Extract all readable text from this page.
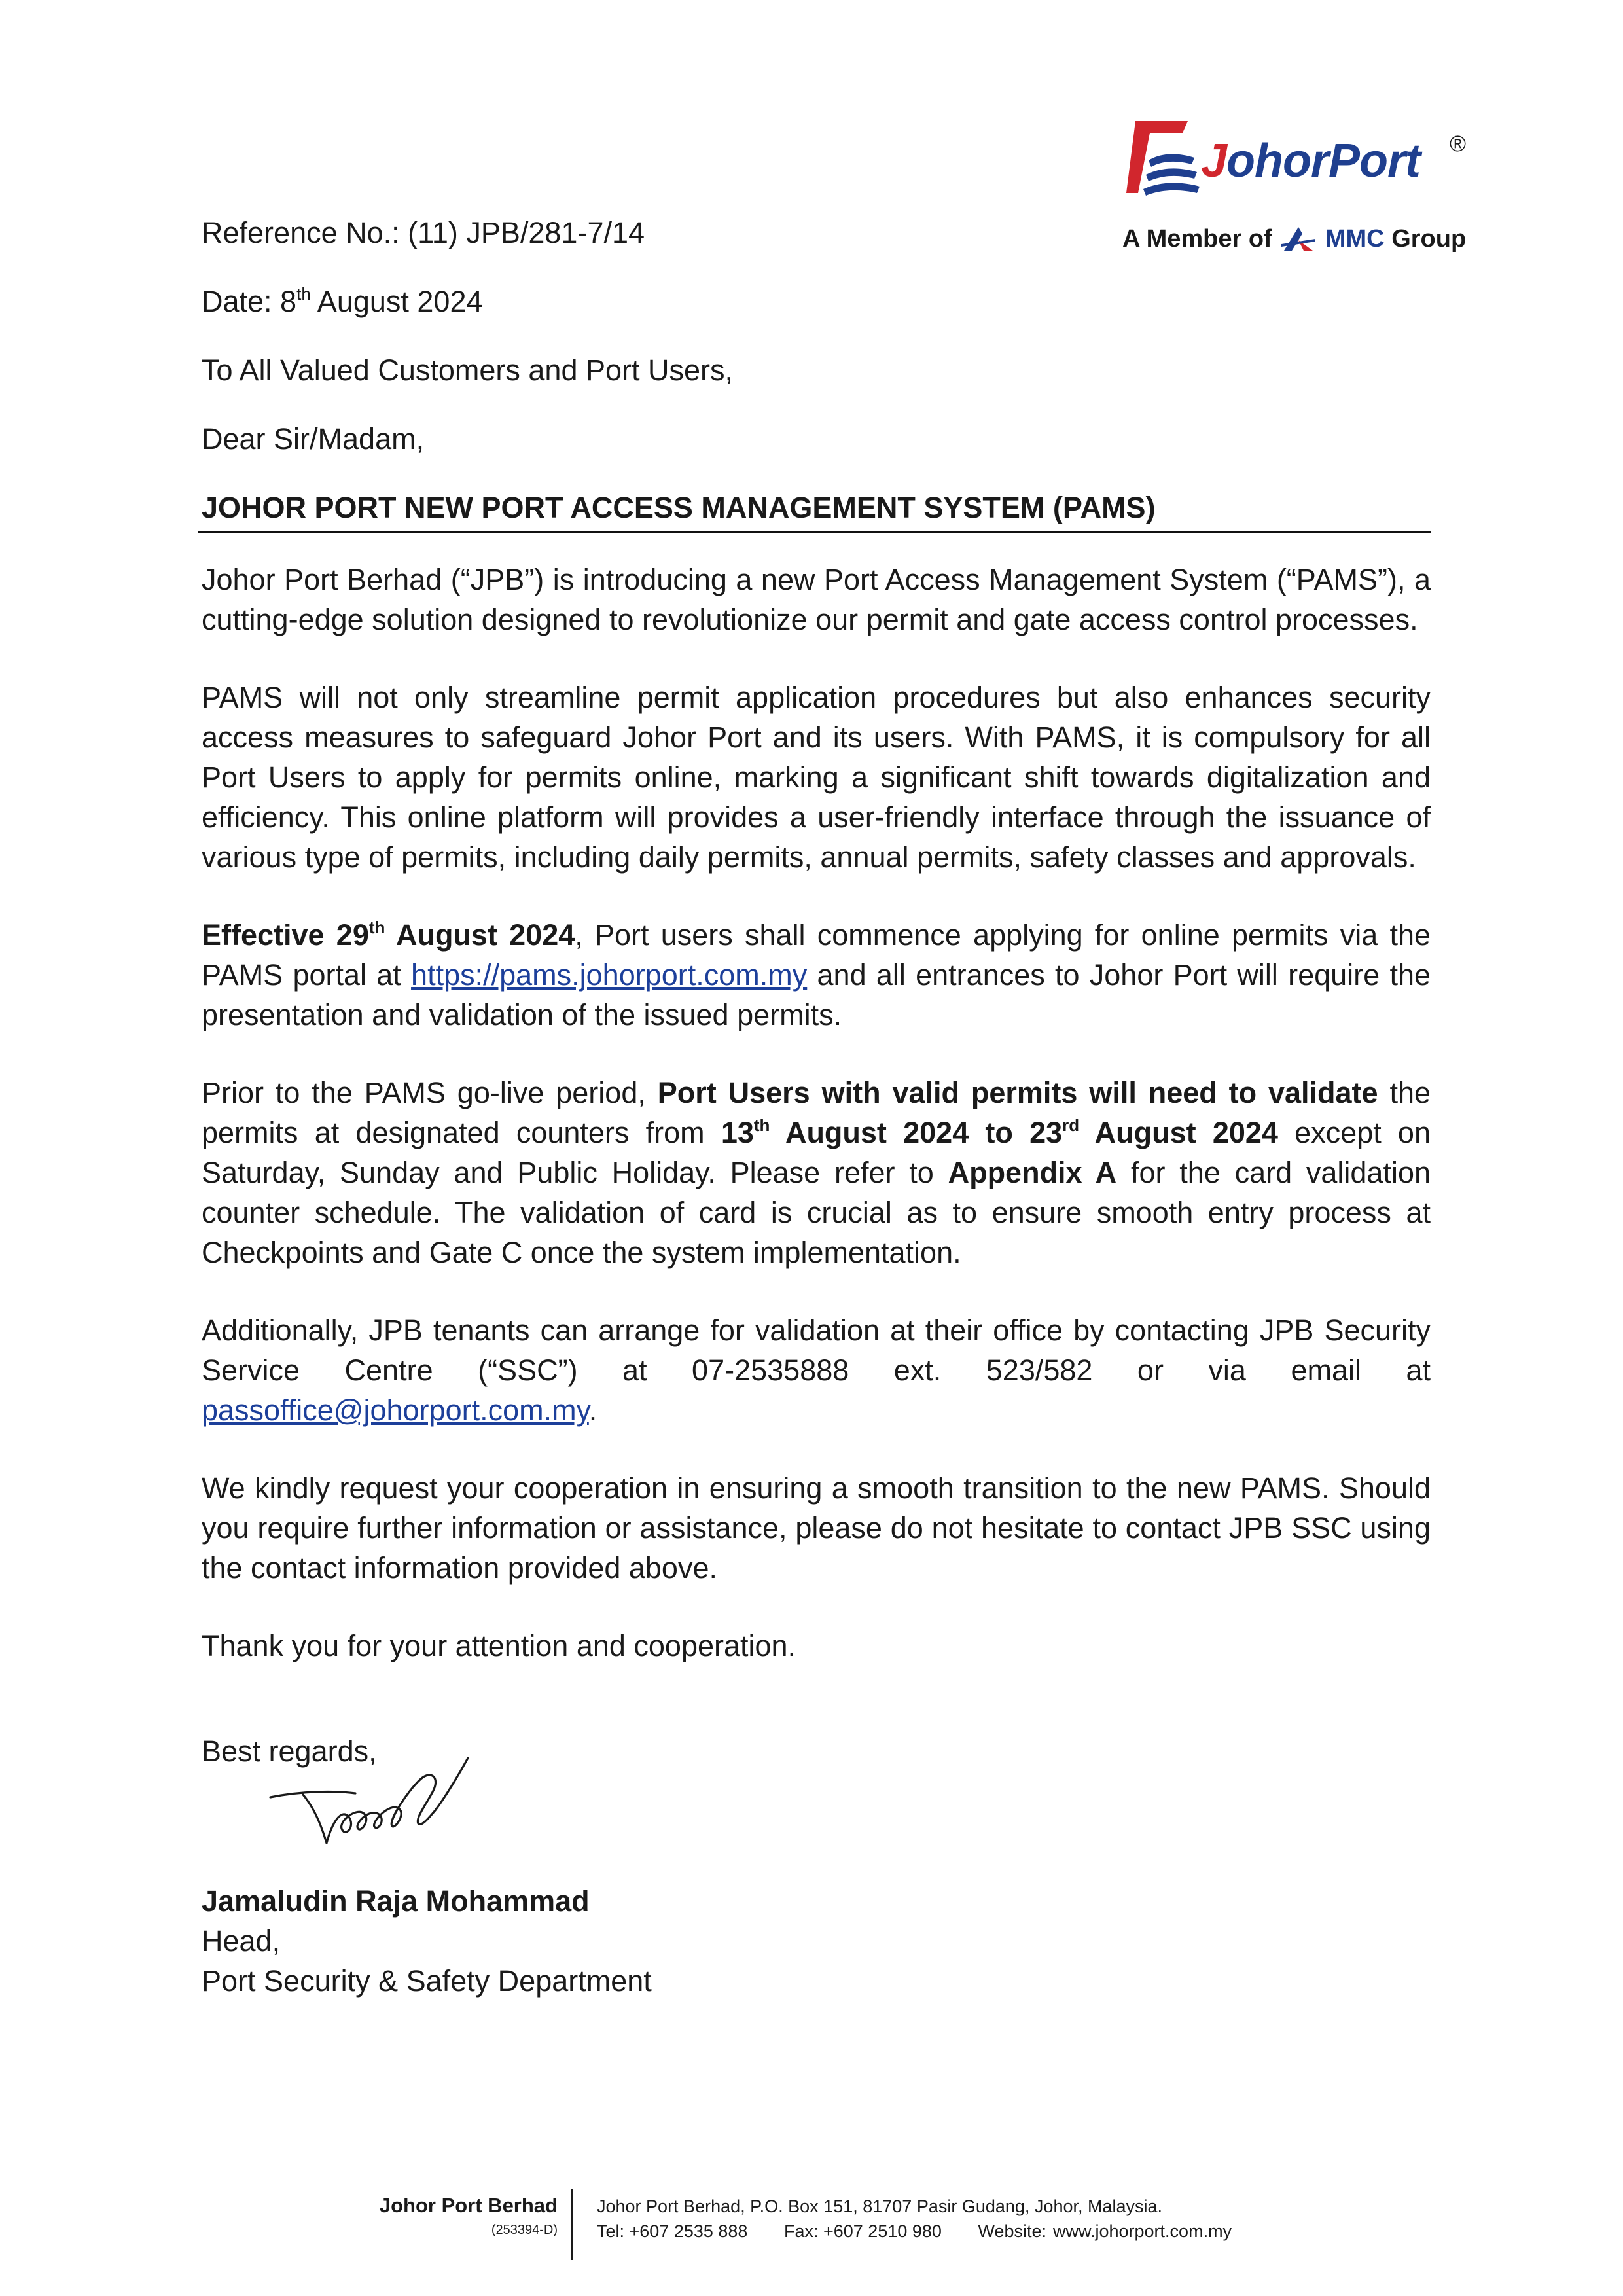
JohorPort ®
A Member of MMC Group
Reference No.: (11) JPB/281-7/14
Date: 8th August 2024
To All Valued Customers and Port Users,
Dear Sir/Madam,
JOHOR PORT NEW PORT ACCESS MANAGEMENT SYSTEM (PAMS)

Johor Port Berhad (“JPB”) is introducing a new Port Access Management System (“PAMS”), a cutting-edge solution designed to revolutionize our permit and gate access control processes.

PAMS will not only streamline permit application procedures but also enhances security access measures to safeguard Johor Port and its users. With PAMS, it is compulsory for all Port Users to apply for permits online, marking a significant shift towards digitalization and efficiency. This online platform will provides a user-friendly interface through the issuance of various type of permits, including daily permits, annual permits, safety classes and approvals.

Effective 29th August 2024, Port users shall commence applying for online permits via the PAMS portal at https://pams.johorport.com.my and all entrances to Johor Port will require the presentation and validation of the issued permits.

Prior to the PAMS go-live period, Port Users with valid permits will need to validate the permits at designated counters from 13th August 2024 to 23rd August 2024 except on Saturday, Sunday and Public Holiday. Please refer to Appendix A for the card validation counter schedule. The validation of card is crucial as to ensure smooth entry process at Checkpoints and Gate C once the system implementation.

Additionally, JPB tenants can arrange for validation at their office by contacting JPB Security Service Centre (“SSC”) at 07-2535888 ext. 523/582 or via email at passoffice@johorport.com.my.

We kindly request your cooperation in ensuring a smooth transition to the new PAMS. Should you require further information or assistance, please do not hesitate to contact JPB SSC using the contact information provided above.

Thank you for your attention and cooperation.

Best regards,
Jamaludin Raja Mohammad
Head,
Port Security & Safety Department
Johor Port Berhad
(253394-D)
Johor Port Berhad, P.O. Box 151, 81707 Pasir Gudang, Johor, Malaysia.
Tel: +607 2535 888 Fax: +607 2510 980 Website: www.johorport.com.my
